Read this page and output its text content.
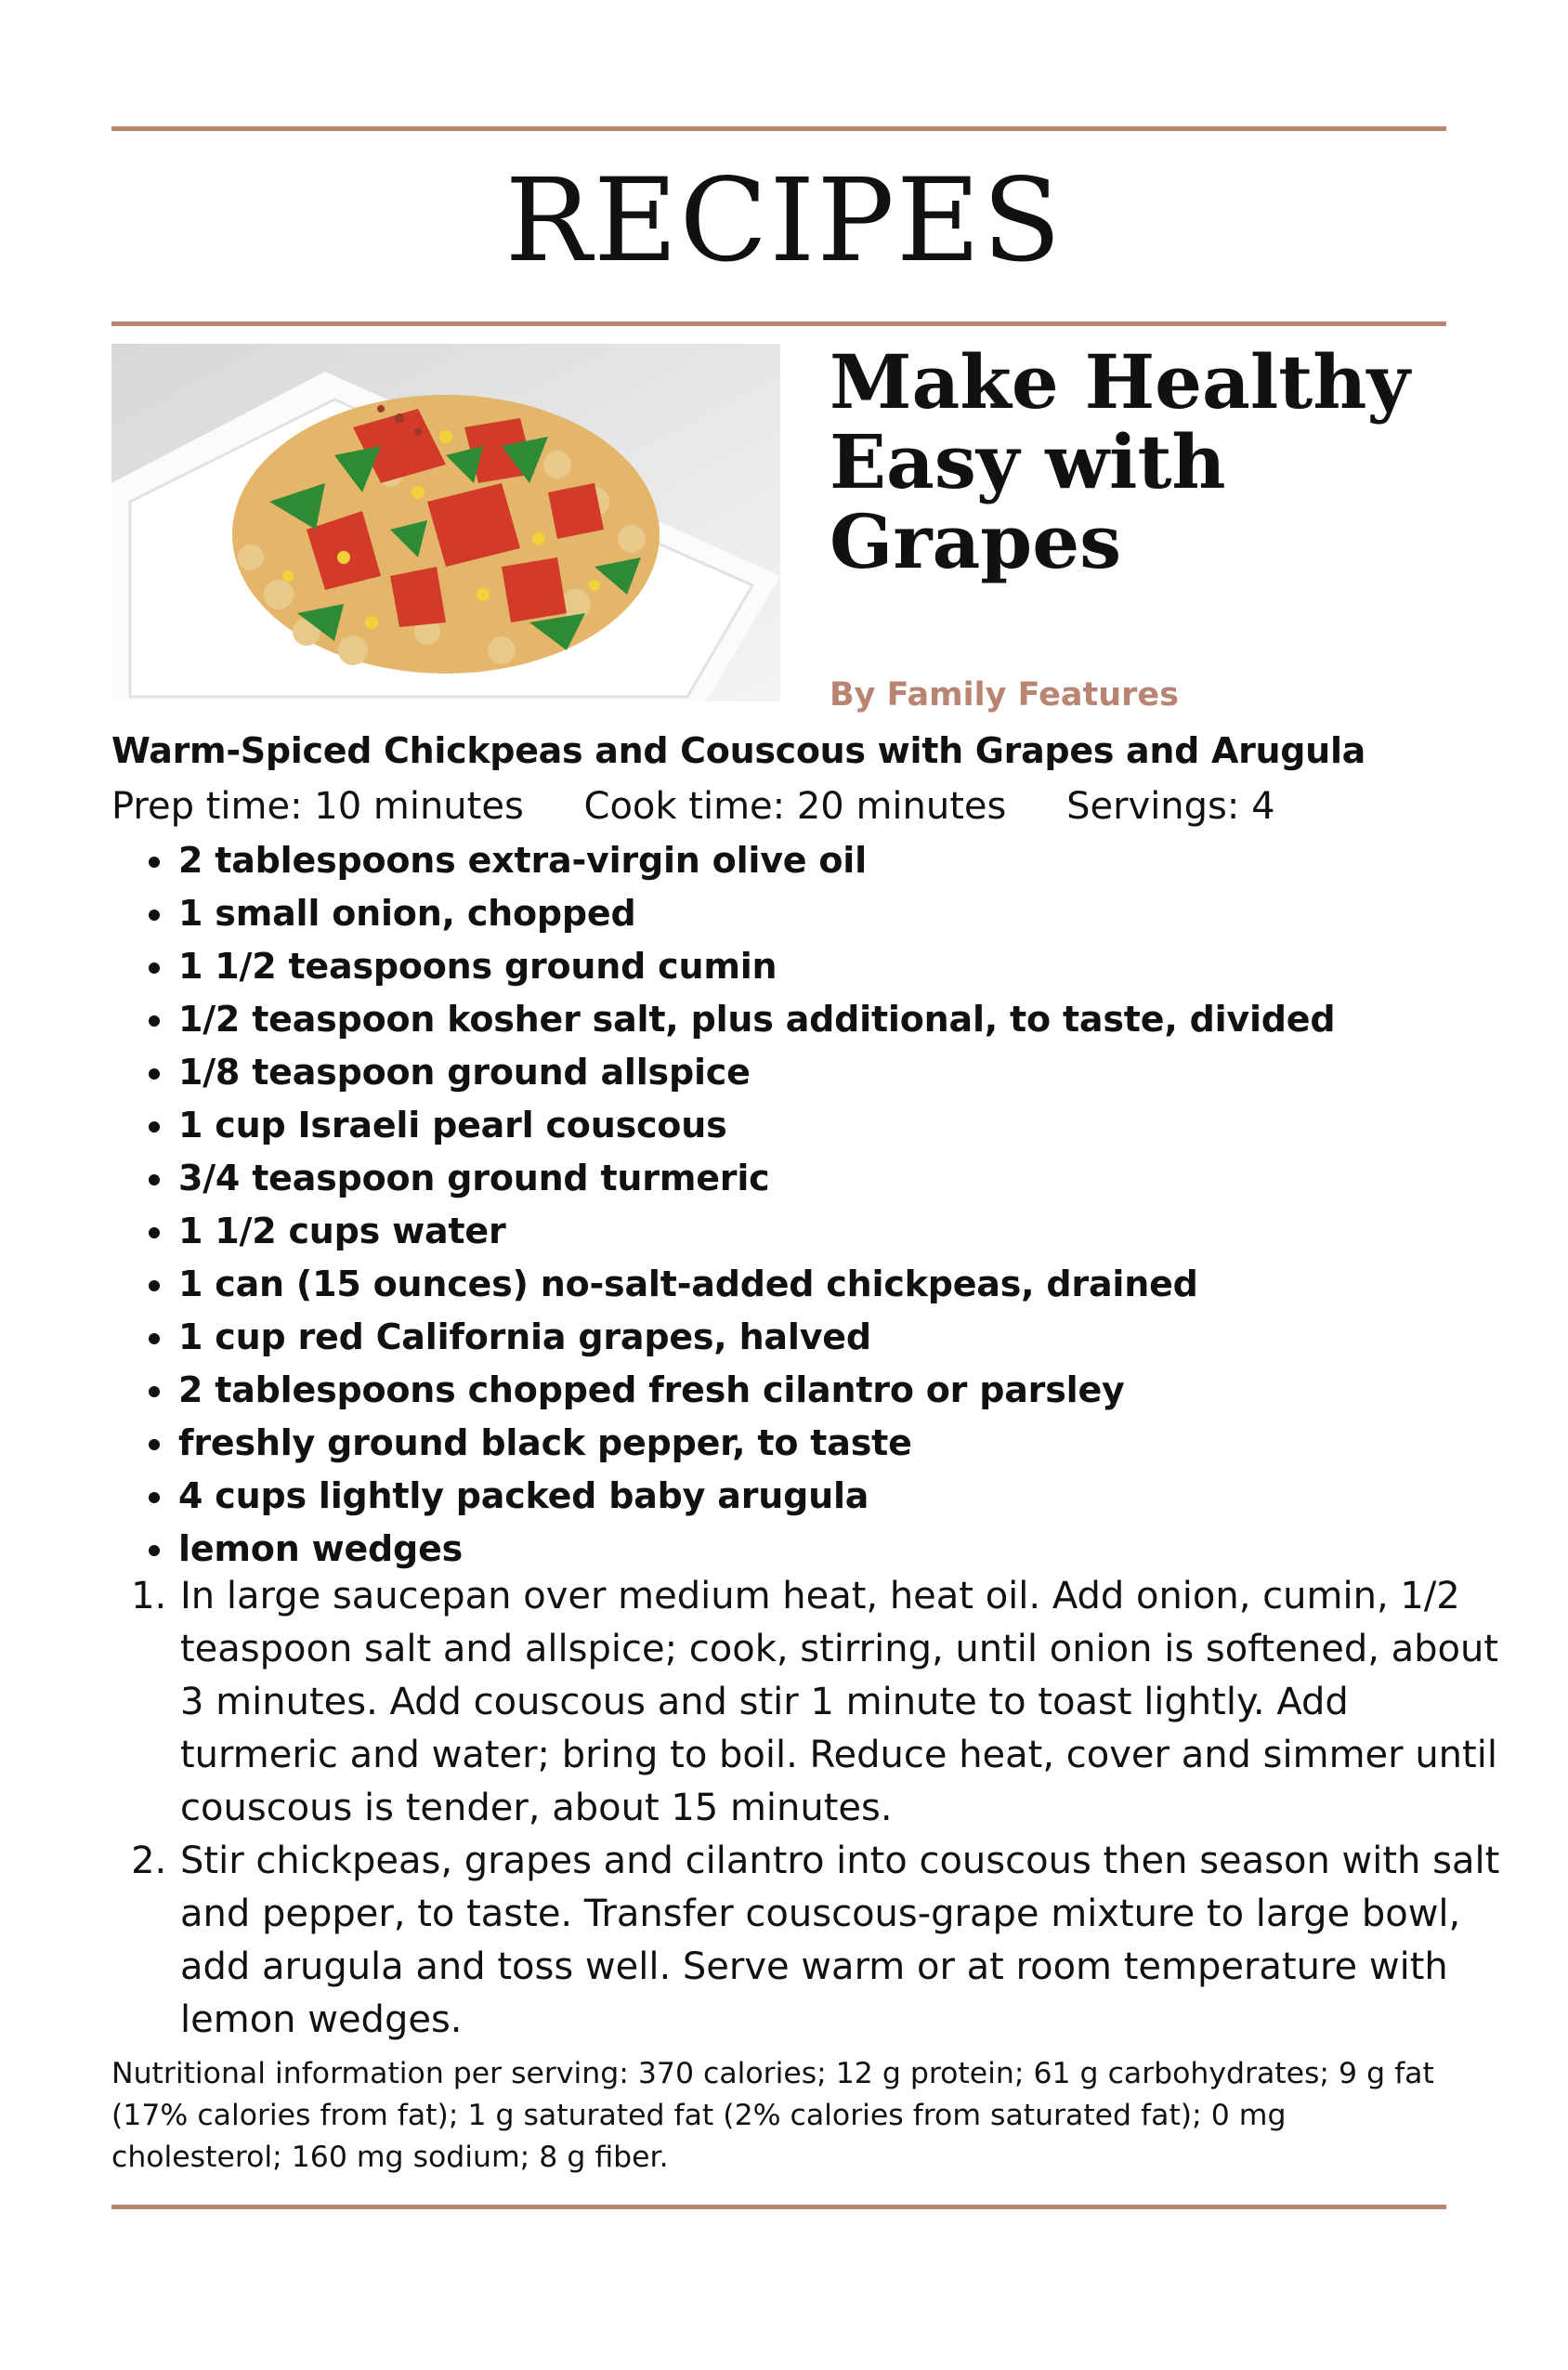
RECIPES
Make Healthy Easy with Grapes
By Family Features
Warm-Spiced Chickpeas and Couscous with Grapes and Arugula
Prep time: 10 minutes Cook time: 20 minutes Servings: 4
• 2 tablespoons extra-virgin olive oil
• 1 small onion, chopped
• 1 1/2 teaspoons ground cumin
• 1/2 teaspoon kosher salt, plus additional, to taste, divided
• 1/8 teaspoon ground allspice
• 1 cup Israeli pearl couscous
• 3/4 teaspoon ground turmeric
• 1 1/2 cups water
• 1 can (15 ounces) no-salt-added chickpeas, drained
• 1 cup red California grapes, halved
• 2 tablespoons chopped fresh cilantro or parsley
• freshly ground black pepper, to taste
• 4 cups lightly packed baby arugula
• lemon wedges
1. In large saucepan over medium heat, heat oil. Add onion, cumin, 1/2 teaspoon salt and allspice; cook, stirring, until onion is softened, about 3 minutes. Add couscous and stir 1 minute to toast lightly. Add turmeric and water; bring to boil. Reduce heat, cover and simmer until couscous is tender, about 15 minutes.
2. Stir chickpeas, grapes and cilantro into couscous then season with salt and pepper, to taste. Transfer couscous-grape mixture to large bowl, add arugula and toss well. Serve warm or at room temperature with lemon wedges.
Nutritional information per serving: 370 calories; 12 g protein; 61 g carbohydrates; 9 g fat (17% calories from fat); 1 g saturated fat (2% calories from saturated fat); 0 mg cholesterol; 160 mg sodium; 8 g fiber.
